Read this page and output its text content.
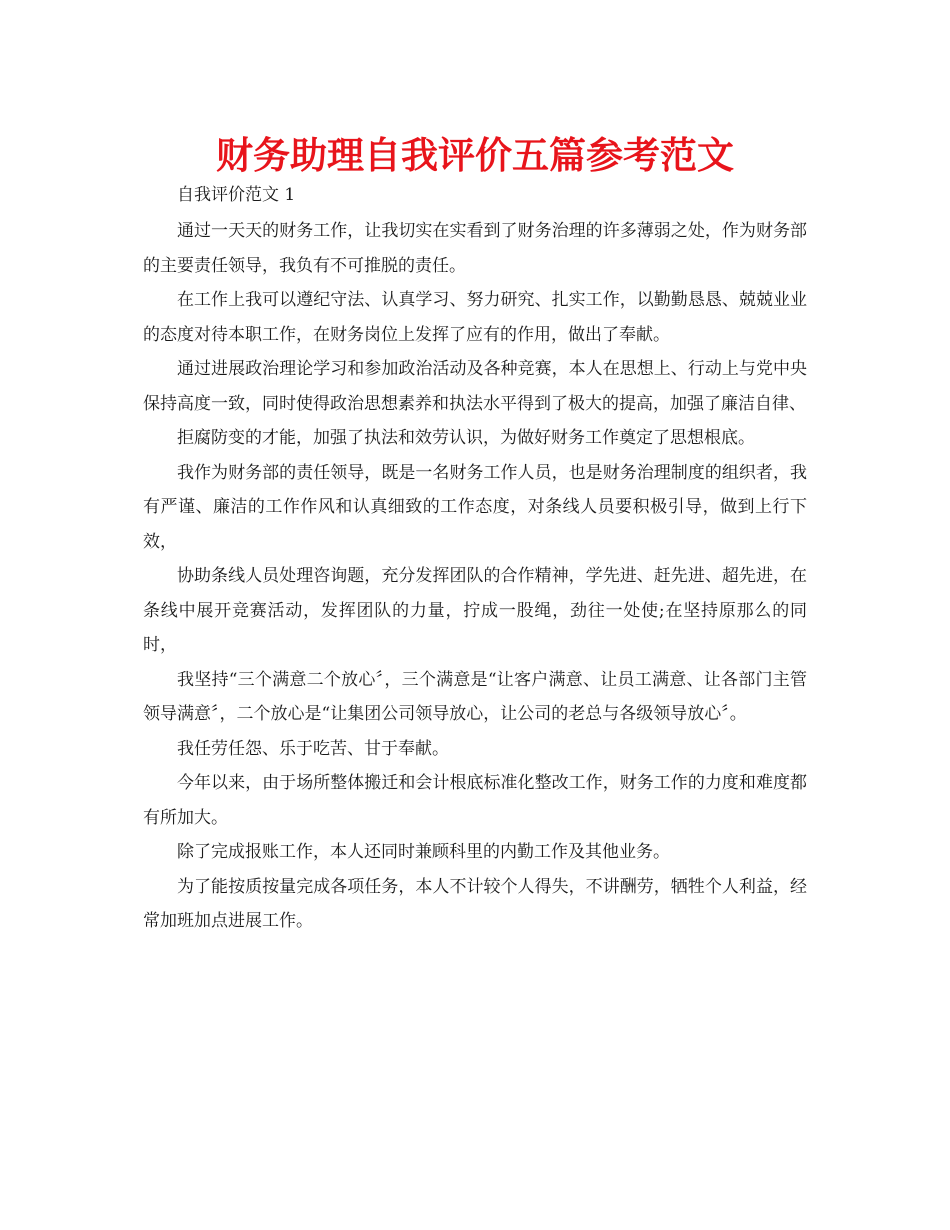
财务助理自我评价五篇参考范文

自我评价范文 1

通过一天天的财务工作，让我切实在实看到了财务治理的许多薄弱之处，作为财务部的主要责任领导，我负有不可推脱的责任。

在工作上我可以遵纪守法、认真学习、努力研究、扎实工作，以勤勤恳恳、兢兢业业的态度对待本职工作，在财务岗位上发挥了应有的作用，做出了奉献。

通过进展政治理论学习和参加政治活动及各种竞赛，本人在思想上、行动上与党中央保持高度一致，同时使得政治思想素养和执法水平得到了极大的提高，加强了廉洁自律、

拒腐防变的才能，加强了执法和效劳认识，为做好财务工作奠定了思想根底。

我作为财务部的责任领导，既是一名财务工作人员，也是财务治理制度的组织者，我有严谨、廉洁的工作作风和认真细致的工作态度，对条线人员要积极引导，做到上行下效，

协助条线人员处理咨询题，充分发挥团队的合作精神，学先进、赶先进、超先进，在条线中展开竞赛活动，发挥团队的力量，拧成一股绳，劲往一处使;在坚持原那么的同时，

我坚持“三个满意二个放心〞，三个满意是“让客户满意、让员工满意、让各部门主管领导满意〞，二个放心是“让集团公司领导放心，让公司的老总与各级领导放心〞。

我任劳任怨、乐于吃苦、甘于奉献。

今年以来，由于场所整体搬迁和会计根底标准化整改工作，财务工作的力度和难度都有所加大。

除了完成报账工作，本人还同时兼顾科里的内勤工作及其他业务。

为了能按质按量完成各项任务，本人不计较个人得失，不讲酬劳，牺牲个人利益，经常加班加点进展工作。
